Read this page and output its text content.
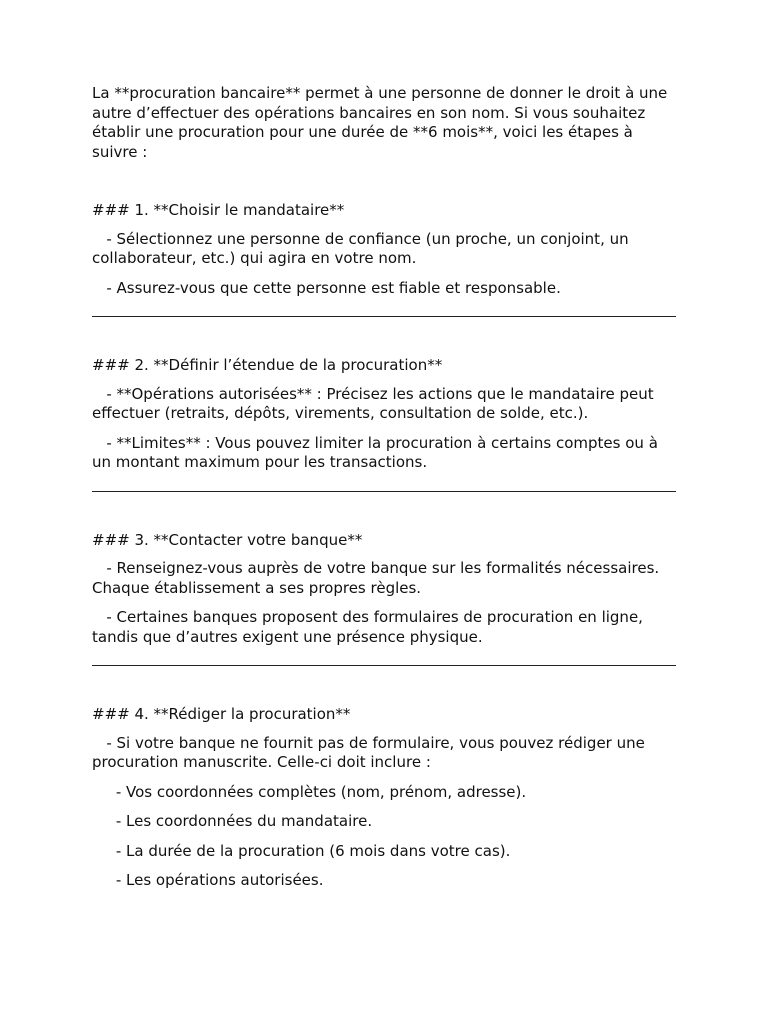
La **procuration bancaire** permet à une personne de donner le droit à une autre d’effectuer des opérations bancaires en son nom. Si vous souhaitez établir une procuration pour une durée de **6 mois**, voici les étapes à suivre :

### 1. **Choisir le mandataire**

- Sélectionnez une personne de confiance (un proche, un conjoint, un collaborateur, etc.) qui agira en votre nom.

- Assurez-vous que cette personne est fiable et responsable.

### 2. **Définir l’étendue de la procuration**

- **Opérations autorisées** : Précisez les actions que le mandataire peut effectuer (retraits, dépôts, virements, consultation de solde, etc.).

- **Limites** : Vous pouvez limiter la procuration à certains comptes ou à un montant maximum pour les transactions.

### 3. **Contacter votre banque**

- Renseignez-vous auprès de votre banque sur les formalités nécessaires. Chaque établissement a ses propres règles.

- Certaines banques proposent des formulaires de procuration en ligne, tandis que d’autres exigent une présence physique.

### 4. **Rédiger la procuration**

- Si votre banque ne fournit pas de formulaire, vous pouvez rédiger une procuration manuscrite. Celle-ci doit inclure :

- Vos coordonnées complètes (nom, prénom, adresse).

- Les coordonnées du mandataire.

- La durée de la procuration (6 mois dans votre cas).

- Les opérations autorisées.
